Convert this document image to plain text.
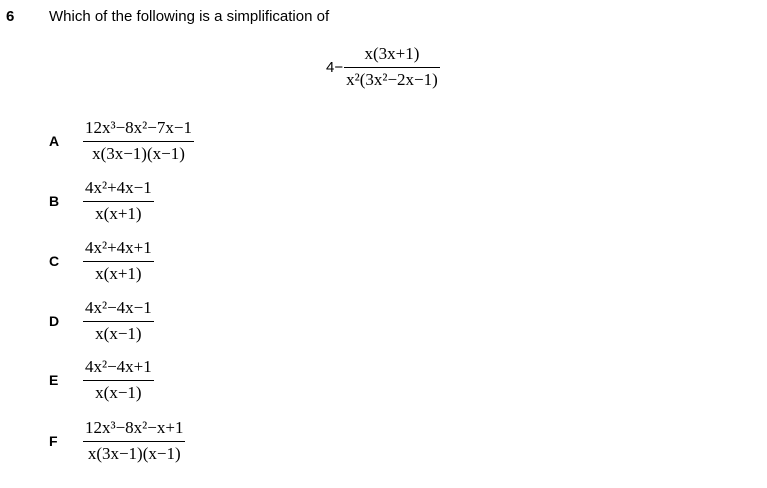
6 Which of the following is a simplification of
$4- \frac{x(3x+1)}{\text{x²(3x²−2x−1)}}$
A	$\frac{\text{12x³−8x²−7x−1}}{x(3x-1)(x-1)}$
B	$\frac{\text{4x²+4x−1}}{x(x+1)}$
C	$\frac{\text{4x²+4x+1}}{x(x+1)}$
D	$\frac{\text{4x²−4x−1}}{x(x-1)}$
E	$\frac{\text{4x²−4x+1}}{x(x-1)}$
F	$\frac{\text{12x³−8x²−x+1}}{x(3x-1)(x-1)}$
